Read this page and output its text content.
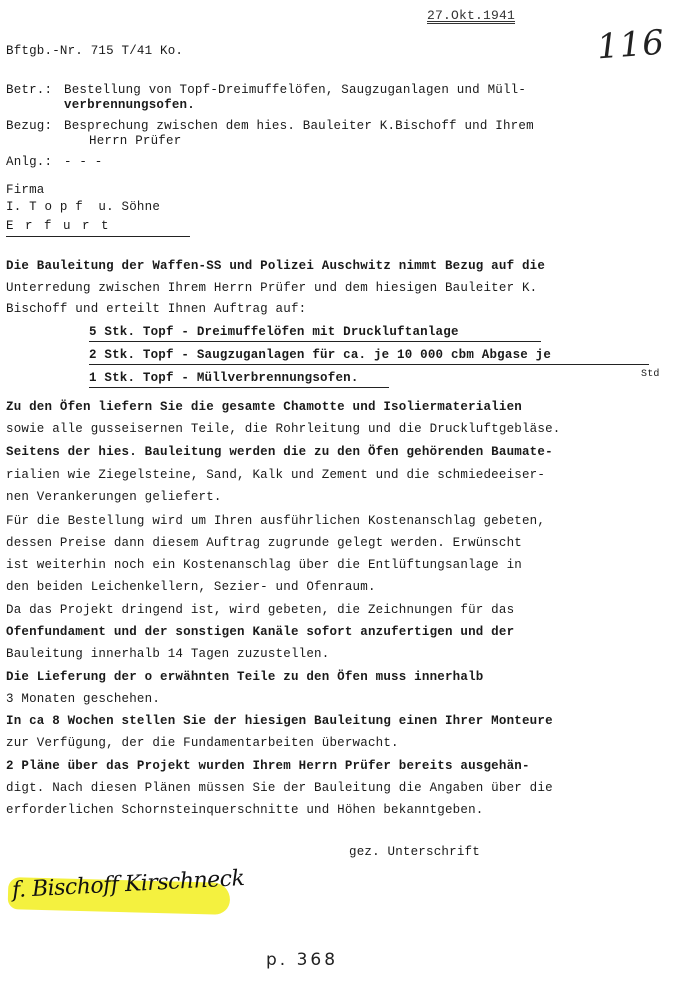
27.Okt.1941
116
Bftgb.-Nr. 715 T/41 Ko.
Betr.: Bestellung von Topf-Dreimuffelöfen, Saugzuganlagen und Müll-
verbrennungsofen.
Bezug: Besprechung zwischen dem hies. Bauleiter K.Bischoff und Ihrem
Herrn Prüfer
Anlg.: - - -
Firma
I. T o p f  u. Söhne
E r f u r t
Die Bauleitung der Waffen-SS und Polizei Auschwitz nimmt Bezug auf die
Unterredung zwischen Ihrem Herrn Prüfer und dem hiesigen Bauleiter K.
Bischoff und erteilt Ihnen Auftrag auf:
5 Stk. Topf - Dreimuffelöfen mit Druckluftanlage
2 Stk. Topf - Saugzuganlagen für ca. je 10 000 cbm Abgase je
1 Stk. Topf - Müllverbrennungsofen.	Std
Zu den Öfen liefern Sie die gesamte Chamotte und Isoliermaterialien
sowie alle gusseisernen Teile, die Rohrleitung und die Druckluftgebläse.
Seitens der hies. Bauleitung werden die zu den Öfen gehörenden Baumate-
rialien wie Ziegelsteine, Sand, Kalk und Zement und die schmiedeeiser-
nen Verankerungen geliefert.
Für die Bestellung wird um Ihren ausführlichen Kostenanschlag gebeten,
dessen Preise dann diesem Auftrag zugrunde gelegt werden. Erwünscht
ist weiterhin noch ein Kostenanschlag über die Entlüftungsanlage in
den beiden Leichenkellern, Sezier- und Ofenraum.
Da das Projekt dringend ist, wird gebeten, die Zeichnungen für das
Ofenfundament und der sonstigen Kanäle sofort anzufertigen und der
Bauleitung innerhalb 14 Tagen zuzustellen.
Die Lieferung der o erwähnten Teile zu den Öfen muss innerhalb
3 Monaten geschehen.
In ca 8 Wochen stellen Sie der hiesigen Bauleitung einen Ihrer Monteure
zur Verfügung, der die Fundamentarbeiten überwacht.
2 Pläne über das Projekt wurden Ihrem Herrn Prüfer bereits ausgehän-
digt. Nach diesen Plänen müssen Sie der Bauleitung die Angaben über die
erforderlichen Schornsteinquerschnitte und Höhen bekanntgeben.
gez. Unterschrift
f. Bischoff Kirschneck
p. 368
